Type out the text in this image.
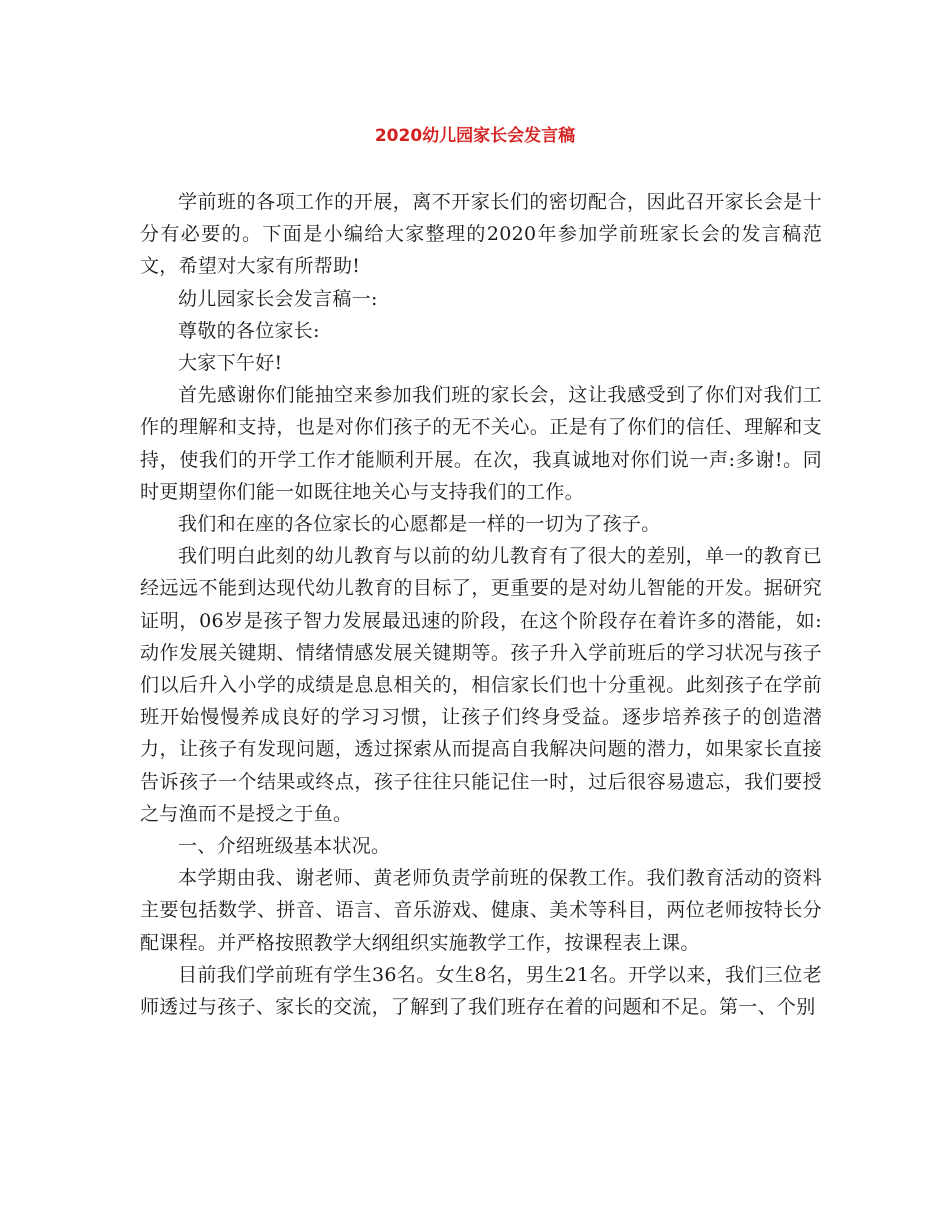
2020幼儿园家长会发言稿

学前班的各项工作的开展，离不开家长们的密切配合，因此召开家长会是十分有必要的。下面是小编给大家整理的2020年参加学前班家长会的发言稿范文，希望对大家有所帮助!

幼儿园家长会发言稿一:

尊敬的各位家长:

大家下午好!

首先感谢你们能抽空来参加我们班的家长会，这让我感受到了你们对我们工作的理解和支持，也是对你们孩子的无不关心。正是有了你们的信任、理解和支持，使我们的开学工作才能顺利开展。在次，我真诚地对你们说一声:多谢!。同时更期望你们能一如既往地关心与支持我们的工作。

我们和在座的各位家长的心愿都是一样的一切为了孩子。

我们明白此刻的幼儿教育与以前的幼儿教育有了很大的差别，单一的教育已经远远不能到达现代幼儿教育的目标了，更重要的是对幼儿智能的开发。据研究证明，06岁是孩子智力发展最迅速的阶段，在这个阶段存在着许多的潜能，如:动作发展关键期、情绪情感发展关键期等。孩子升入学前班后的学习状况与孩子们以后升入小学的成绩是息息相关的，相信家长们也十分重视。此刻孩子在学前班开始慢慢养成良好的学习习惯，让孩子们终身受益。逐步培养孩子的创造潜力，让孩子有发现问题，透过探索从而提高自我解决问题的潜力，如果家长直接告诉孩子一个结果或终点，孩子往往只能记住一时，过后很容易遗忘，我们要授之与渔而不是授之于鱼。

一、介绍班级基本状况。

本学期由我、谢老师、黄老师负责学前班的保教工作。我们教育活动的资料主要包括数学、拼音、语言、音乐游戏、健康、美术等科目，两位老师按特长分配课程。并严格按照教学大纲组织实施教学工作，按课程表上课。

目前我们学前班有学生36名。女生8名，男生21名。开学以来，我们三位老师透过与孩子、家长的交流，了解到了我们班存在着的问题和不足。第一、个别
